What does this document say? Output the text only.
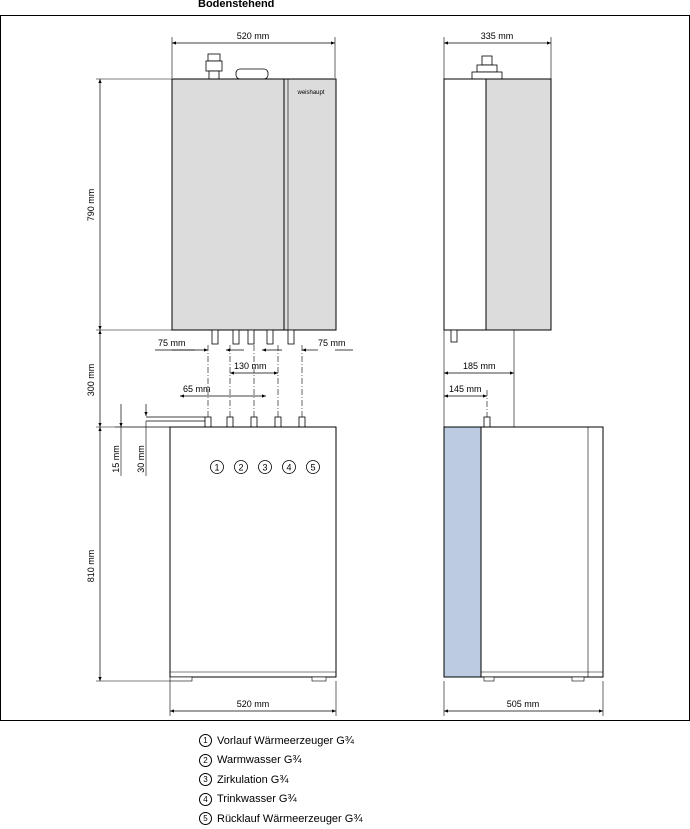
Bodenstehend
520 mm
weishaupt
790 mm
75 mm	75 mm
300 mm	130 mm
65 mm
15 mm 30 mm	1 2 3 4 5
810 mm
520 mm
335 mm
185 mm
145 mm
505 mm
1 Vorlauf Wärmeerzeuger G¾
2 Warmwasser G¾
3 Zirkulation G¾
4 Trinkwasser G¾
5 Rücklauf Wärmeerzeuger G¾
